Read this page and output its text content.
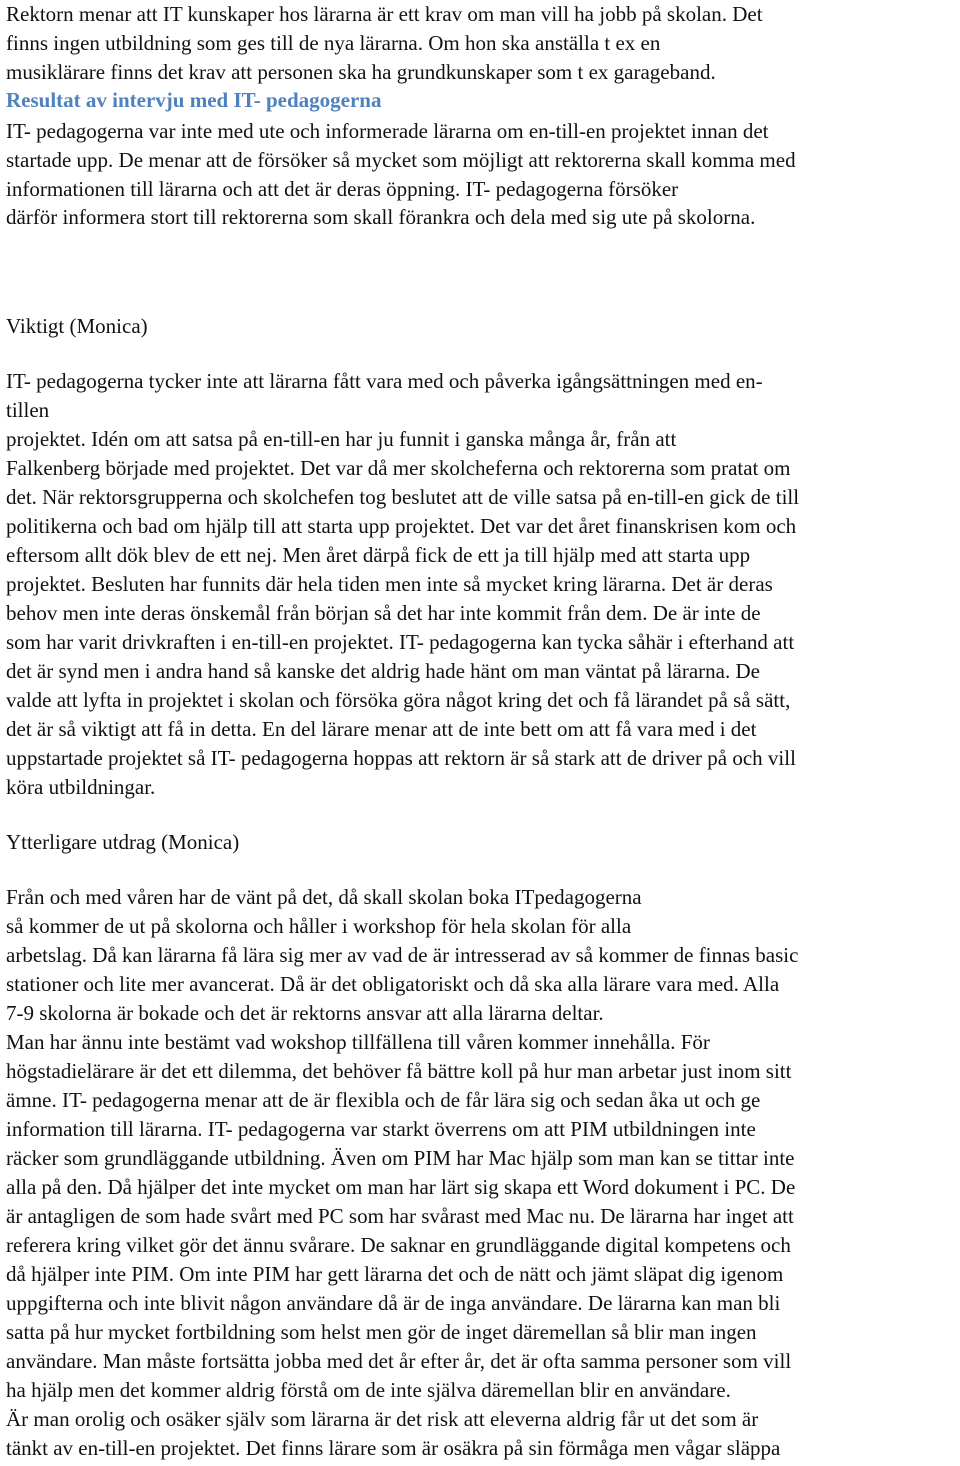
Rektorn menar att IT kunskaper hos lärarna är ett krav om man vill ha jobb på skolan. Det
finns ingen utbildning som ges till de nya lärarna. Om hon ska anställa t ex en
musiklärare finns det krav att personen ska ha grundkunskaper som t ex garageband.
Resultat av intervju med IT- pedagogerna
IT- pedagogerna var inte med ute och informerade lärarna om en-till-en projektet innan det
startade upp. De menar att de försöker så mycket som möjligt att rektorerna skall komma med
informationen till lärarna och att det är deras öppning. IT- pedagogerna försöker
därför informera stort till rektorerna som skall förankra och dela med sig ute på skolorna.
Viktigt (Monica)
IT- pedagogerna tycker inte att lärarna fått vara med och påverka igångsättningen med en-
tillen
projektet. Idén om att satsa på en-till-en har ju funnit i ganska många år, från att
Falkenberg började med projektet. Det var då mer skolcheferna och rektorerna som pratat om
det. När rektorsgrupperna och skolchefen tog beslutet att de ville satsa på en-till-en gick de till
politikerna och bad om hjälp till att starta upp projektet. Det var det året finanskrisen kom och
eftersom allt dök blev de ett nej. Men året därpå fick de ett ja till hjälp med att starta upp
projektet. Besluten har funnits där hela tiden men inte så mycket kring lärarna. Det är deras
behov men inte deras önskemål från början så det har inte kommit från dem. De är inte de
som har varit drivkraften i en-till-en projektet. IT- pedagogerna kan tycka såhär i efterhand att
det är synd men i andra hand så kanske det aldrig hade hänt om man väntat på lärarna. De
valde att lyfta in projektet i skolan och försöka göra något kring det och få lärandet på så sätt,
det är så viktigt att få in detta. En del lärare menar att de inte bett om att få vara med i det
uppstartade projektet så IT- pedagogerna hoppas att rektorn är så stark att de driver på och vill
köra utbildningar.
Ytterligare utdrag (Monica)
Från och med våren har de vänt på det, då skall skolan boka ITpedagogerna
så kommer de ut på skolorna och håller i workshop för hela skolan för alla
arbetslag. Då kan lärarna få lära sig mer av vad de är intresserad av så kommer de finnas basic
stationer och lite mer avancerat. Då är det obligatoriskt och då ska alla lärare vara med. Alla
7-9 skolorna är bokade och det är rektorns ansvar att alla lärarna deltar.
Man har ännu inte bestämt vad wokshop tillfällena till våren kommer innehålla. För
högstadielärare är det ett dilemma, det behöver få bättre koll på hur man arbetar just inom sitt
ämne. IT- pedagogerna menar att de är flexibla och de får lära sig och sedan åka ut och ge
information till lärarna. IT- pedagogerna var starkt överrens om att PIM utbildningen inte
räcker som grundläggande utbildning. Även om PIM har Mac hjälp som man kan se tittar inte
alla på den. Då hjälper det inte mycket om man har lärt sig skapa ett Word dokument i PC. De
är antagligen de som hade svårt med PC som har svårast med Mac nu. De lärarna har inget att
referera kring vilket gör det ännu svårare. De saknar en grundläggande digital kompetens och
då hjälper inte PIM. Om inte PIM har gett lärarna det och de nätt och jämt släpat dig igenom
uppgifterna och inte blivit någon användare då är de inga användare. De lärarna kan man bli
satta på hur mycket fortbildning som helst men gör de inget däremellan så blir man ingen
användare. Man måste fortsätta jobba med det år efter år, det är ofta samma personer som vill
ha hjälp men det kommer aldrig förstå om de inte själva däremellan blir en användare.
Är man orolig och osäker själv som lärarna är det risk att eleverna aldrig får ut det som är
tänkt av en-till-en projektet. Det finns lärare som är osäkra på sin förmåga men vågar släppa
